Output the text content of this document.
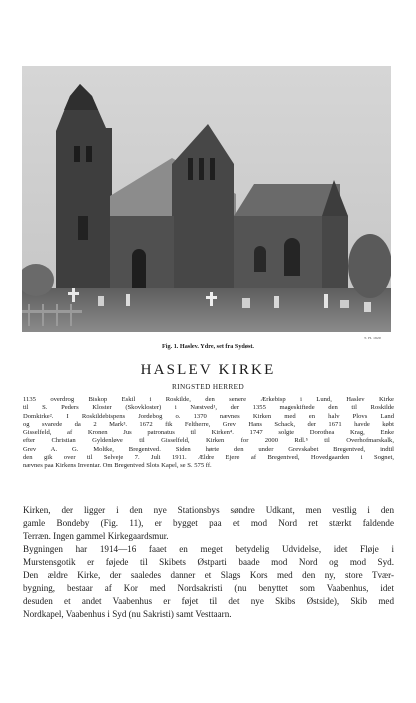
T. H. 1920
Fig. 1. Haslev. Ydre, set fra Sydøst.
HASLEV KIRKE
RINGSTED HERRED
1135 overdrog Biskop Eskil i Roskilde, den senere Ærkebisp i Lund, Haslev Kirke
til S. Peders Kloster (Skovkloster) i Næstved¹, der 1355 mageskiftede den til Roskilde
Domkirke². I Roskildebispens Jordebog o. 1370 nævnes Kirken med en halv Plovs Land
og svarede da 2 Mark³. 1672 fik Feltherre, Grev Hans Schack, der 1671 havde købt
Gisselfeld, af Kronen Jus patronatus til Kirken⁴. 1747 solgte Dorothea Krag, Enke
efter Christian Gyldenløve til Gisselfeld, Kirken for 2000 Rdl.⁵ til Overhofmarskalk,
Grev A. G. Moltke, Bregentved. Siden hørte den under Grevskabet Bregentved, indtil
den gik over til Selveje 7. Juli 1911. Ældre Ejere af Bregentved, Hovedgaarden i Sognet,
nævnes paa Kirkens Inventar. Om Bregentved Slots Kapel, se S. 575 ff.
Kirken, der ligger i den nye Stationsbys søndre Udkant, men vestlig i den
gamle Bondeby (Fig. 11), er bygget paa et mod Nord ret stærkt faldende
Terræn. Ingen gammel Kirkegaardsmur.
Bygningen har 1914—16 faaet en meget betydelig Udvidelse, idet Fløje i
Murstensgotik er føjede til Skibets Østparti baade mod Nord og mod Syd.
Den ældre Kirke, der saaledes danner et Slags Kors med den ny, store Tvær-
bygning, bestaar af Kor med Nordsakristi (nu benyttet som Vaabenhus, idet
desuden et andet Vaabenhus er føjet til det nye Skibs Østside), Skib med
Nordkapel, Vaabenhus i Syd (nu Sakristi) samt Vesttaarn.
